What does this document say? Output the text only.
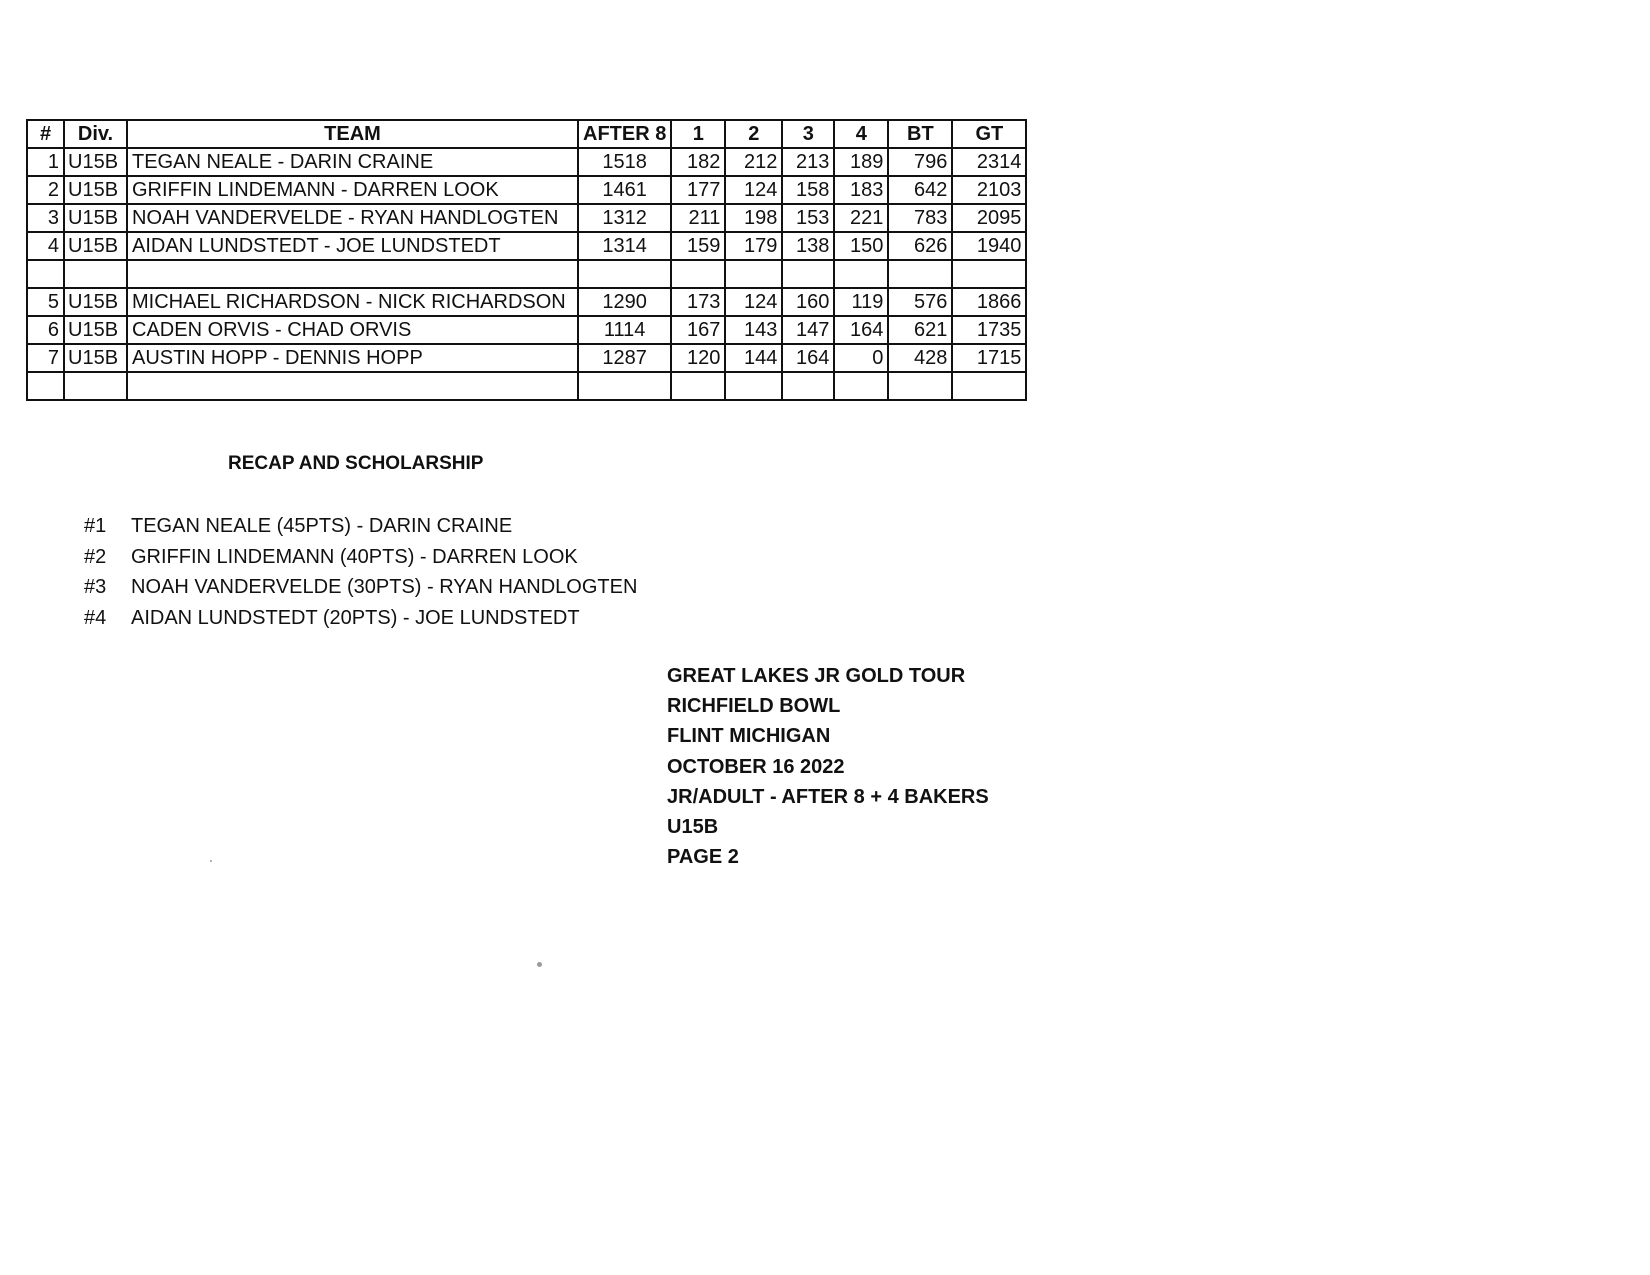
#	Div.	TEAM	AFTER 8	1	2	3	4	BT	GT
1	U15B	TEGAN NEALE - DARIN CRAINE	1518	182	212	213	189	796	2314
2	U15B	GRIFFIN LINDEMANN - DARREN LOOK	1461	177	124	158	183	642	2103
3	U15B	NOAH VANDERVELDE - RYAN HANDLOGTEN	1312	211	198	153	221	783	2095
4	U15B	AIDAN LUNDSTEDT - JOE LUNDSTEDT	1314	159	179	138	150	626	1940

5	U15B	MICHAEL RICHARDSON - NICK RICHARDSON	1290	173	124	160	119	576	1866
6	U15B	CADEN ORVIS - CHAD ORVIS	1114	167	143	147	164	621	1735
7	U15B	AUSTIN HOPP - DENNIS HOPP	1287	120	144	164	0	428	1715

RECAP AND SCHOLARSHIP
#1 TEGAN NEALE (45PTS) - DARIN CRAINE
#2 GRIFFIN LINDEMANN (40PTS) - DARREN LOOK
#3 NOAH VANDERVELDE (30PTS) - RYAN HANDLOGTEN
#4 AIDAN LUNDSTEDT (20PTS) - JOE LUNDSTEDT
GREAT LAKES JR GOLD TOUR
RICHFIELD BOWL
FLINT MICHIGAN
OCTOBER 16 2022
JR/ADULT - AFTER 8 + 4 BAKERS
U15B
PAGE 2
